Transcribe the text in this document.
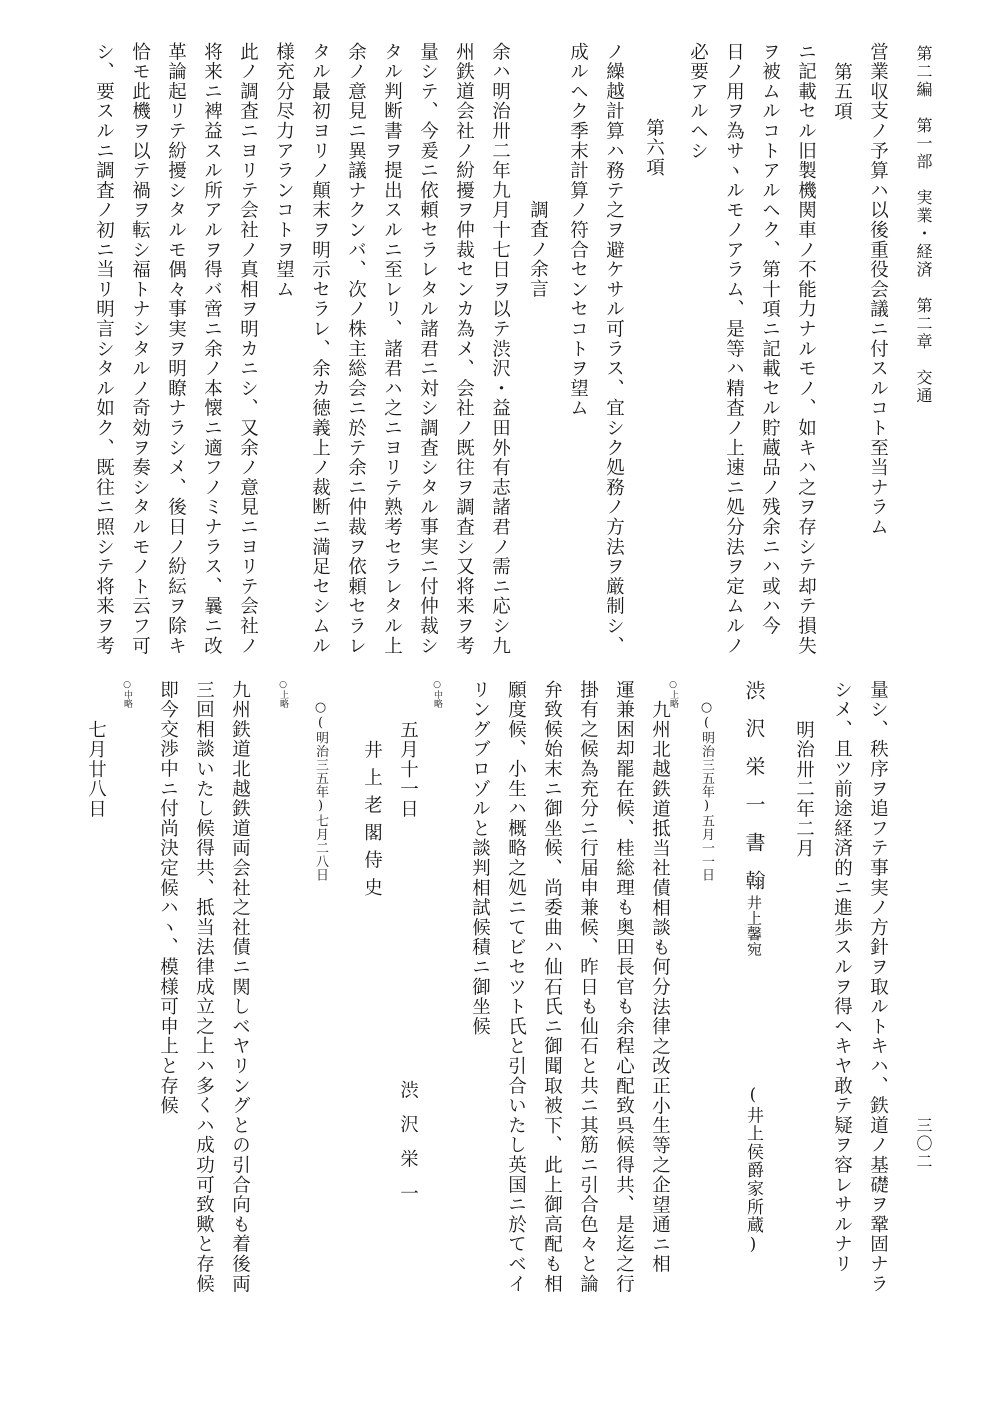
第二編　第一部　実業・経済　第二章　交通
三〇二
営業収支ノ予算ハ以後重役会議ニ付スルコト至当ナラム
第五項
ニ記載セル旧製機関車ノ不能力ナルモノ、如キハ之ヲ存シテ却テ損失
ヲ被ムルコトアルヘク、第十項ニ記載セル貯蔵品ノ残余ニハ或ハ今
日ノ用ヲ為サヽルモノアラム、是等ハ精査ノ上速ニ処分法ヲ定ムルノ
必要アルヘシ
第六項
ノ繰越計算ハ務テ之ヲ避ケサル可ラス、宜シク処務ノ方法ヲ厳制シ、
成ルヘク季末計算ノ符合センセコトヲ望ム
調査ノ余言
余ハ明治卅二年九月十七日ヲ以テ渋沢・益田外有志諸君ノ需ニ応シ九
州鉄道会社ノ紛擾ヲ仲裁センカ為メ、会社ノ既往ヲ調査シ又将来ヲ考
量シテ、今爰ニ依頼セラレタル諸君ニ対シ調査シタル事実ニ付仲裁シ
タル判断書ヲ提出スルニ至レリ、諸君ハ之ニヨリテ熟考セラレタル上
余ノ意見ニ異議ナクンバ、次ノ株主総会ニ於テ余ニ仲裁ヲ依頼セラレ
タル最初ヨリノ顛末ヲ明示セラレ、余カ徳義上ノ裁断ニ満足セシムル
様充分尽力アランコトヲ望ム
此ノ調査ニヨリテ会社ノ真相ヲ明カニシ、又余ノ意見ニヨリテ会社ノ
将来ニ裨益スル所アルヲ得バ啻ニ余ノ本懐ニ適フノミナラス、曩ニ改
革論起リテ紛擾シタルモ偶々事実ヲ明瞭ナラシメ、後日ノ紛紜ヲ除キ
恰モ此機ヲ以テ禍ヲ転シ福トナシタルノ奇効ヲ奏シタルモノト云フ可
シ、要スルニ調査ノ初ニ当リ明言シタル如ク、既往ニ照シテ将来ヲ考
量シ、秩序ヲ追フテ事実ノ方針ヲ取ルトキハ、鉄道ノ基礎ヲ鞏固ナラ
シメ、且ツ前途経済的ニ進歩スルヲ得ヘキヤ敢テ疑ヲ容レサルナリ
明治卅二年二月
渋沢栄一書翰
井上馨宛
(井上侯爵家所蔵)
○(明治三五年)五月一一日
○上略
九州北越鉄道抵当社債相談も何分法律之改正小生等之企望通ニ相
運兼困却罷在候、桂総理も奥田長官も余程心配致呉候得共、是迄之行
掛有之候為充分ニ行届申兼候、昨日も仙石と共ニ其筋ニ引合色々と論
弁致候始末ニ御坐候、尚委曲ハ仙石氏ニ御聞取被下、此上御高配も相
願度候、小生ハ概略之処ニてビセツト氏と引合いたし英国ニ於てベイ
リングブロゾルと談判相試候積ニ御坐候
○中略
五月十一日
渋沢栄一
井上老閣侍史
○(明治三五年)七月二八日
○上略
九州鉄道北越鉄道両会社之社債ニ関しベヤリングとの引合向も着後両
三回相談いたし候得共、抵当法律成立之上ハ多くハ成功可致歟と存候
即今交渉中ニ付尚決定候ハヽ、模様可申上と存候
○中略
七月廿八日
